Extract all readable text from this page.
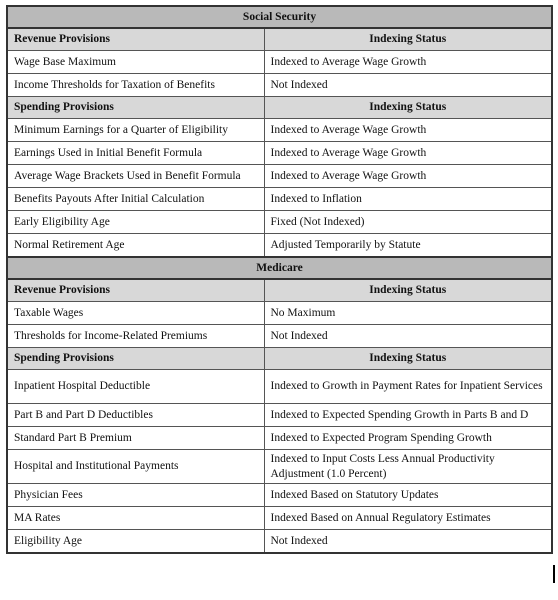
Social Security	
Revenue Provisions	Indexing Status
Wage Base Maximum	Indexed to Average Wage Growth
Income Thresholds for Taxation of Benefits	Not Indexed
Spending Provisions	Indexing Status
Minimum Earnings for a Quarter of Eligibility	Indexed to Average Wage Growth
Earnings Used in Initial Benefit Formula	Indexed to Average Wage Growth
Average Wage Brackets Used in Benefit Formula	Indexed to Average Wage Growth
Benefits Payouts After Initial Calculation	Indexed to Inflation
Early Eligibility Age	Fixed (Not Indexed)
Normal Retirement Age	Adjusted Temporarily by Statute
Medicare	
Revenue Provisions	Indexing Status
Taxable Wages	No Maximum
Thresholds for Income-Related Premiums	Not Indexed
Spending Provisions	Indexing Status
Inpatient Hospital Deductible	Indexed to Growth in Payment Rates for Inpatient Services
Part B and Part D Deductibles	Indexed to Expected Spending Growth in Parts B and D
Standard Part B Premium	Indexed to Expected Program Spending Growth
Hospital and Institutional Payments	Indexed to Input Costs Less Annual Productivity Adjustment (1.0 Percent)
Physician Fees	Indexed Based on Statutory Updates
MA Rates	Indexed Based on Annual Regulatory Estimates
Eligibility Age	Not Indexed
